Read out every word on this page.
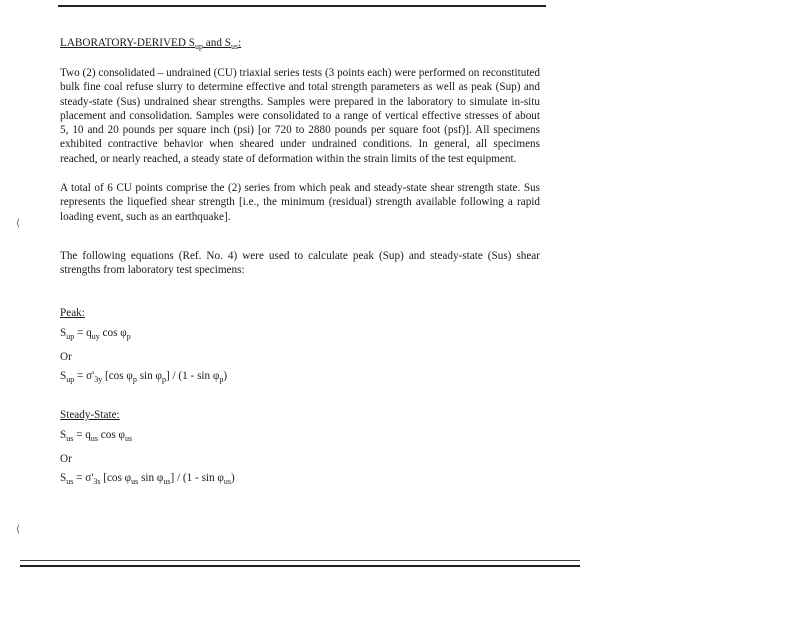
LABORATORY-DERIVED $S_{up}$ and $S_{us}$:

Two (2) consolidated – undrained (CU) triaxial series tests (3 points each) were performed on reconstituted bulk fine coal refuse slurry to determine effective and total strength parameters as well as peak (Sup) and steady-state (Sus) undrained shear strengths. Samples were prepared in the laboratory to simulate in-situ placement and consolidation. Samples were consolidated to a range of vertical effective stresses of about 5, 10 and 20 pounds per square inch (psi) [or 720 to 2880 pounds per square foot (psf)]. All specimens exhibited contractive behavior when sheared under undrained conditions. In general, all specimens reached, or nearly reached, a steady state of deformation within the strain limits of the test equipment.

A total of 6 CU points comprise the (2) series from which peak and steady-state shear strength state. Sus represents the liquefied shear strength [i.e., the minimum (residual) strength available following a rapid loading event, such as an earthquake].

The following equations (Ref. No. 4) were used to calculate peak (Sup) and steady-state (Sus) shear strengths from laboratory test specimens:

Peak:

$S_{up} = q_{uy}$ $\cos \varphi_p$

Or

$S_{up} = \sigma'_{3y}$ [cos $\varphi_p$ $\sin \varphi_p] / (1$ - $\sin \varphi_p$)

Steady-State:

$S_{us} = q_{us}$ $\cos \varphi_{us}$

Or

$S_{us} = \sigma'_{3s}$ [cos $\varphi_{us}$ $\sin \varphi_{us}] / (1$ - $\sin \varphi_{us}$)

⟨
⟨
